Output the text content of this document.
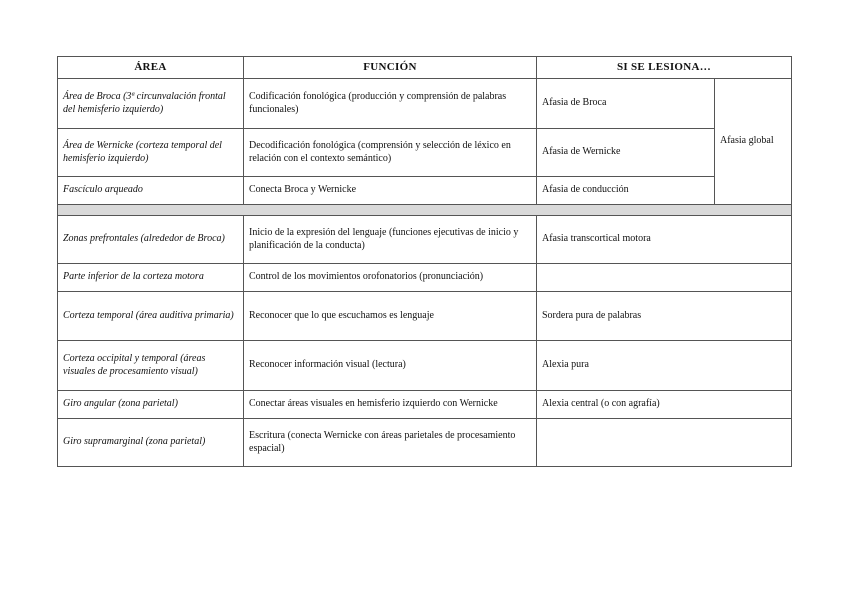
ÁREA	FUNCIÓN	SI SE LESIONA…	
Área de Broca (3ª circunvalación frontal del hemisferio izquierdo)	Codificación fonológica (producción y comprensión de palabras funcionales)	Afasia de Broca	Afasia global
Área de Wernicke (corteza temporal del hemisferio izquierdo)	Decodificación fonológica (comprensión y selección de léxico en relación con el contexto semántico)	Afasia de Wernicke	
Fascículo arqueado	Conecta Broca y Wernicke	Afasia de conducción	

Zonas prefrontales (alrededor de Broca)	Inicio de la expresión del lenguaje (funciones ejecutivas de inicio y planificación de la conducta)	Afasia transcortical motora	
Parte inferior de la corteza motora	Control de los movimientos orofonatorios (pronunciación)		
Corteza temporal (área auditiva primaria)	Reconocer que lo que escuchamos es lenguaje	Sordera pura de palabras	
Corteza occipital y temporal (áreas visuales de procesamiento visual)	Reconocer información visual (lectura)	Alexia pura	
Giro angular (zona parietal)	Conectar áreas visuales en hemisferio izquierdo con Wernicke	Alexia central (o con agrafía)	
Giro supramarginal (zona parietal)	Escritura (conecta Wernicke con áreas parietales de procesamiento espacial)		
